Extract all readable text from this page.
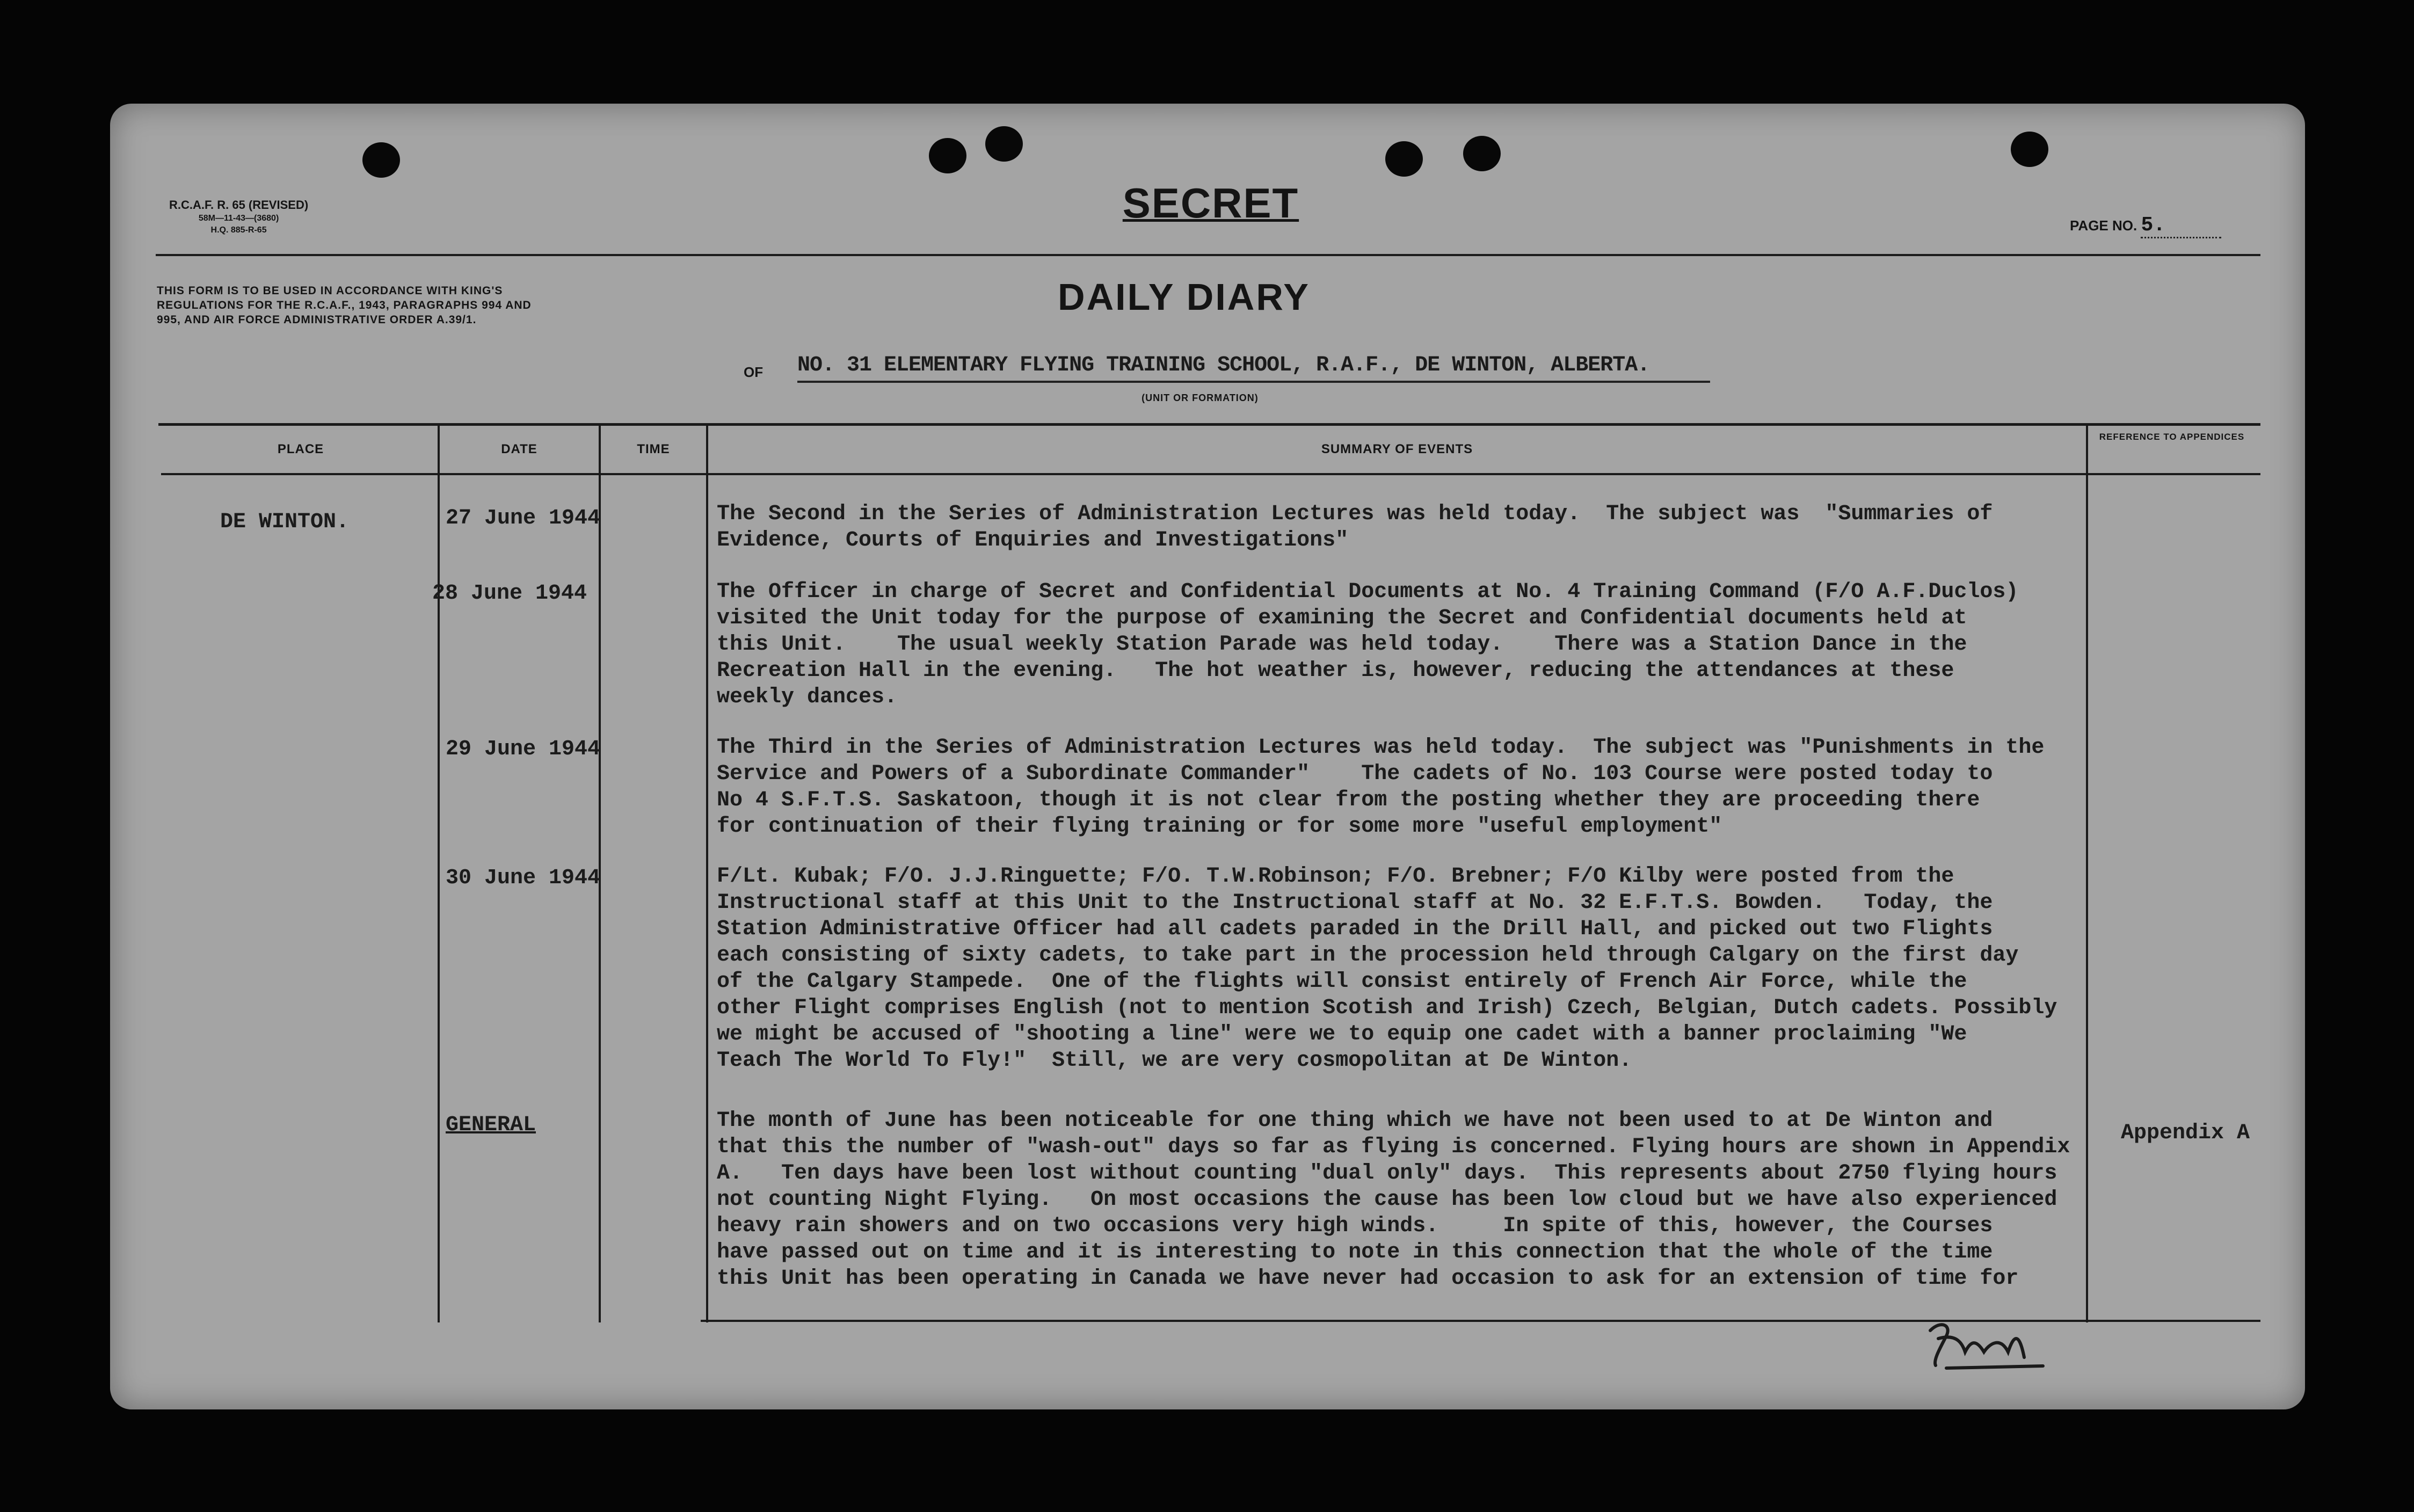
R.C.A.F. R. 65 (REVISED)
58M—11-43—(3680)
H.Q. 885-R-65
SECRET	PAGE NO. 5.
THIS FORM IS TO BE USED IN ACCORDANCE WITH KING'S REGULATIONS FOR THE R.C.A.F., 1943, PARAGRAPHS 994 AND 995, AND AIR FORCE ADMINISTRATIVE ORDER A.39/1.
DAILY DIARY
OF NO. 31 ELEMENTARY FLYING TRAINING SCHOOL, R.A.F., DE WINTON, ALBERTA.
(UNIT OR FORMATION)
PLACE	DATE	TIME	SUMMARY OF EVENTS
REFERENCE TO APPENDICES
DE WINTON.	27 June 1944	The Second in the Series of Administration Lectures was held today.  The subject was  "Summaries of
Evidence, Courts of Enquiries and Investigations"
28 June 1944	The Officer in charge of Secret and Confidential Documents at No. 4 Training Command (F/O A.F.Duclos)
visited the Unit today for the purpose of examining the Secret and Confidential documents held at
this Unit.    The usual weekly Station Parade was held today.    There was a Station Dance in the
Recreation Hall in the evening.   The hot weather is, however, reducing the attendances at these
weekly dances.
29 June 1944	The Third in the Series of Administration Lectures was held today.  The subject was "Punishments in the
Service and Powers of a Subordinate Commander"    The cadets of No. 103 Course were posted today to
No 4 S.F.T.S. Saskatoon, though it is not clear from the posting whether they are proceeding there
for continuation of their flying training or for some more "useful employment"
30 June 1944	F/Lt. Kubak; F/O. J.J.Ringuette; F/O. T.W.Robinson; F/O. Brebner; F/O Kilby were posted from the
Instructional staff at this Unit to the Instructional staff at No. 32 E.F.T.S. Bowden.   Today, the
Station Administrative Officer had all cadets paraded in the Drill Hall, and picked out two Flights
each consisting of sixty cadets, to take part in the procession held through Calgary on the first day
of the Calgary Stampede.  One of the flights will consist entirely of French Air Force, while the
other Flight comprises English (not to mention Scotish and Irish) Czech, Belgian, Dutch cadets. Possibly
we might be accused of "shooting a line" were we to equip one cadet with a banner proclaiming "We
Teach The World To Fly!"  Still, we are very cosmopolitan at De Winton.
GENERAL	The month of June has been noticeable for one thing which we have not been used to at De Winton and
that this the number of "wash-out" days so far as flying is concerned. Flying hours are shown in Appendix
A.   Ten days have been lost without counting "dual only" days.  This represents about 2750 flying hours
not counting Night Flying.   On most occasions the cause has been low cloud but we have also experienced
heavy rain showers and on two occasions very high winds.     In spite of this, however, the Courses
have passed out on time and it is interesting to note in this connection that the whole of the time
this Unit has been operating in Canada we have never had occasion to ask for an extension of time for
Appendix A
